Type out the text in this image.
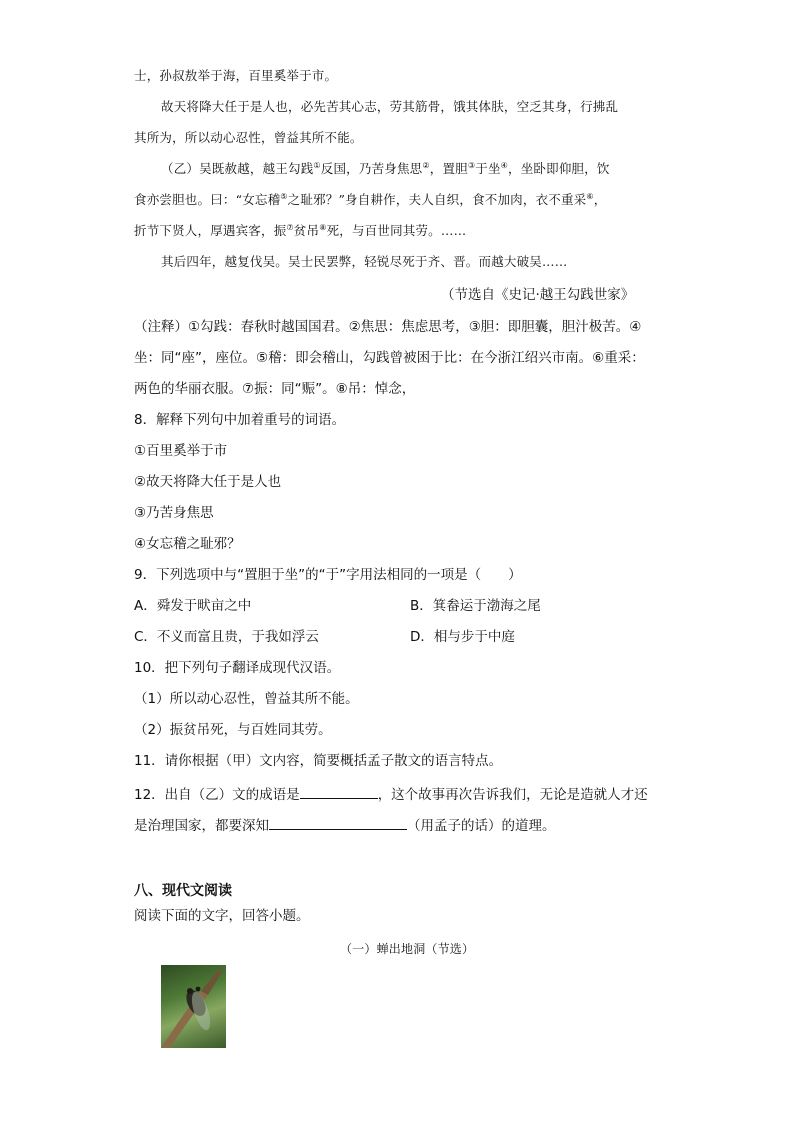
士，孙叔敖举于海，百里奚举于市。
故天将降大任于是人也，必先苦其心志，劳其筋骨，饿其体肤，空乏其身，行拂乱
其所为，所以动心忍性，曾益其所不能。
（乙）吴既赦越，越王勾践①反国，乃苦身焦思②，置胆③于坐④，坐卧即仰胆，饮
食亦尝胆也。曰：“女忘稽⑤之耻邪？”身自耕作，夫人自织，食不加肉，衣不重采⑥，
折节下贤人，厚遇宾客，振⑦贫吊⑧死，与百世同其劳。……
其后四年，越复伐吴。吴士民罢弊，轻锐尽死于齐、晋。而越大破吴……
（节选自《史记·越王勾践世家》
（注释）①勾践：春秋时越国国君。②焦思：焦虑思考，③胆：即胆囊，胆汁极苦。④
坐：同“座”，座位。⑤稽：即会稽山，勾践曾被困于比：在今浙江绍兴市南。⑥重采：
两色的华丽衣服。⑦振：同“赈”。⑧吊：悼念，
8．解释下列句中加着重号的词语。
①百里奚举于市
②故天将降大任于是人也
③乃苦身焦思
④女忘稽之耻邪？
9．下列选项中与“置胆于坐”的“于”字用法相同的一项是（　　）
A．舜发于畎亩之中	B．箕畚运于渤海之尾
C．不义而富且贵，于我如浮云	D．相与步于中庭
10．把下列句子翻译成现代汉语。
（1）所以动心忍性，曾益其所不能。
（2）振贫吊死，与百姓同其劳。
11．请你根据（甲）文内容，简要概括孟子散文的语言特点。
12．出自（乙）文的成语是	，这个故事再次告诉我们，无论是造就人才还
是治理国家，都要深知	（用孟子的话）的道理。
八、现代文阅读
阅读下面的文字，回答小题。
（一）蝉出地洞（节选）
